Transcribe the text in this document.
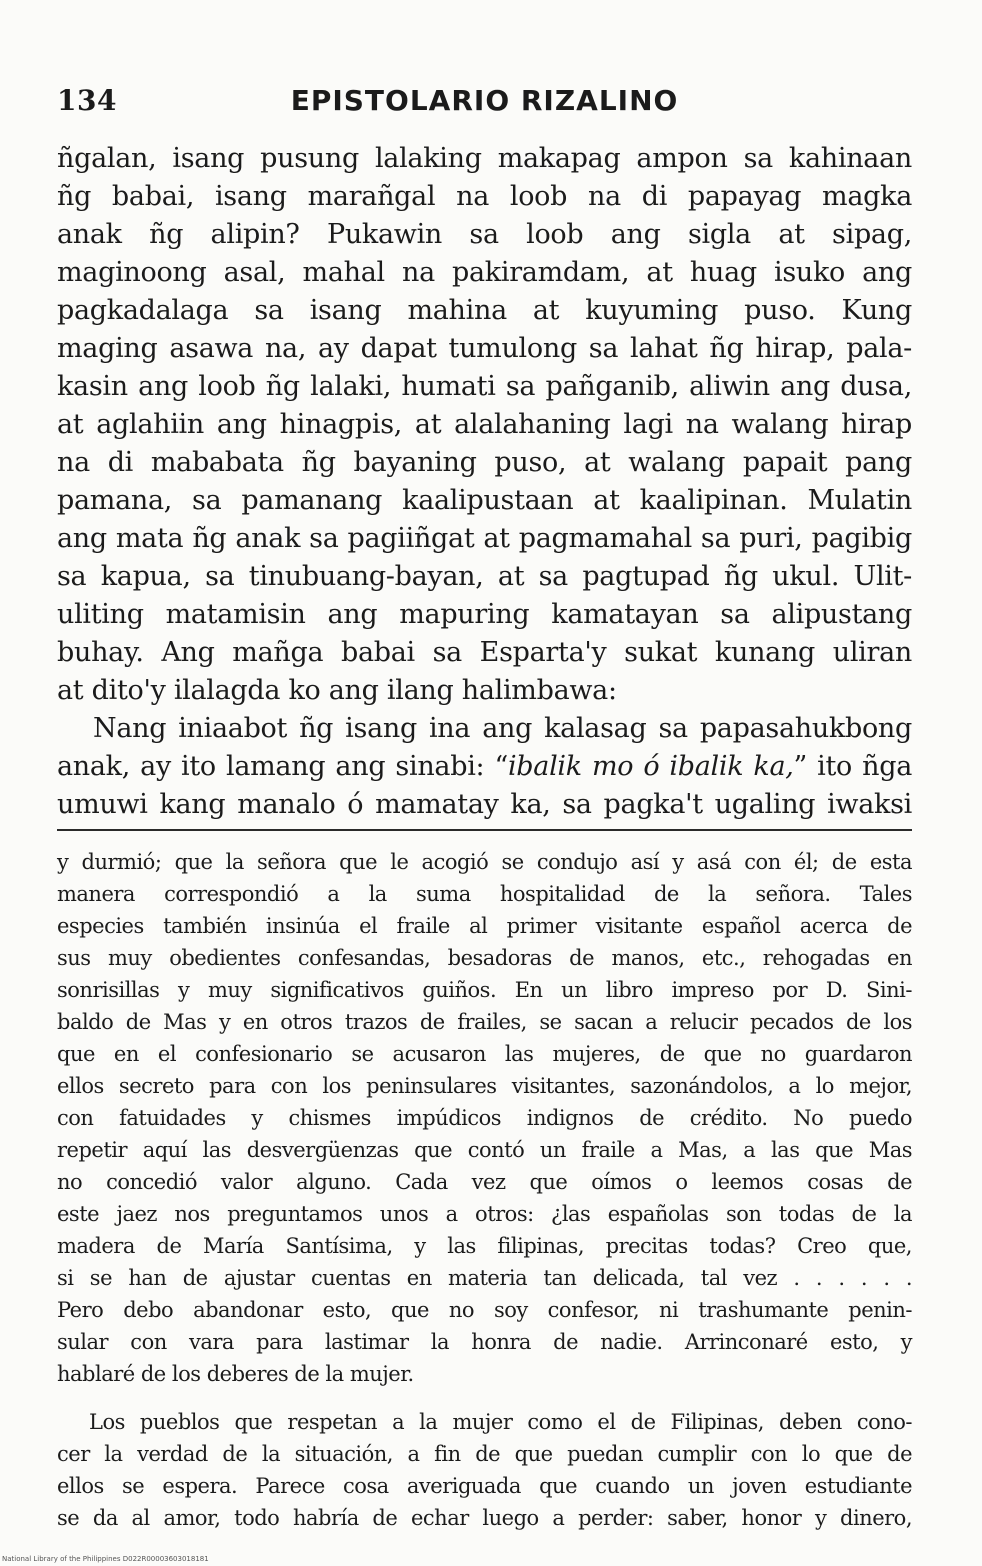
134	EPISTOLARIO RIZALINO
ñgalan, isang pusung lalaking makapag ampon sa kahinaan
ñg babai, isang marañgal na loob na di papayag magka
anak ñg alipin? Pukawin sa loob ang sigla at sipag,
maginoong asal, mahal na pakiramdam, at huag isuko ang
pagkadalaga sa isang mahina at kuyuming puso. Kung
maging asawa na, ay dapat tumulong sa lahat ñg hirap, pala-
kasin ang loob ñg lalaki, humati sa pañganib, aliwin ang dusa,
at aglahiin ang hinagpis, at alalahaning lagi na walang hirap
na di mababata ñg bayaning puso, at walang papait pang
pamana, sa pamanang kaalipustaan at kaalipinan. Mulatin
ang mata ñg anak sa pagiiñgat at pagmamahal sa puri, pagibig
sa kapua, sa tinubuang-bayan, at sa pagtupad ñg ukul. Ulit-
uliting matamisin ang mapuring kamatayan sa alipustang
buhay. Ang mañga babai sa Esparta'y sukat kunang uliran
at dito'y ilalagda ko ang ilang halimbawa:
Nang iniaabot ñg isang ina ang kalasag sa papasahukbong
anak, ay ito lamang ang sinabi: “ibalik mo ó ibalik ka,” ito ñga
umuwi kang manalo ó mamatay ka, sa pagka't ugaling iwaksi
y durmió; que la señora que le acogió se condujo así y asá con él; de esta
manera correspondió a la suma hospitalidad de la señora. Tales
especies también insinúa el fraile al primer visitante español acerca de
sus muy obedientes confesandas, besadoras de manos, etc., rehogadas en
sonrisillas y muy significativos guiños. En un libro impreso por D. Sini-
baldo de Mas y en otros trazos de frailes, se sacan a relucir pecados de los
que en el confesionario se acusaron las mujeres, de que no guardaron
ellos secreto para con los peninsulares visitantes, sazonándolos, a lo mejor,
con fatuidades y chismes impúdicos indignos de crédito. No puedo
repetir aquí las desvergüenzas que contó un fraile a Mas, a las que Mas
no concedió valor alguno. Cada vez que oímos o leemos cosas de
este jaez nos preguntamos unos a otros: ¿las españolas son todas de la
madera de María Santísima, y las filipinas, precitas todas? Creo que,
si se han de ajustar cuentas en materia tan delicada, tal vez . . . . . .
Pero debo abandonar esto, que no soy confesor, ni trashumante penin-
sular con vara para lastimar la honra de nadie. Arrinconaré esto, y
hablaré de los deberes de la mujer.
Los pueblos que respetan a la mujer como el de Filipinas, deben cono-
cer la verdad de la situación, a fin de que puedan cumplir con lo que de
ellos se espera. Parece cosa averiguada que cuando un joven estudiante
se da al amor, todo habría de echar luego a perder: saber, honor y dinero,
National Library of the Philippines D022R00003603018181
